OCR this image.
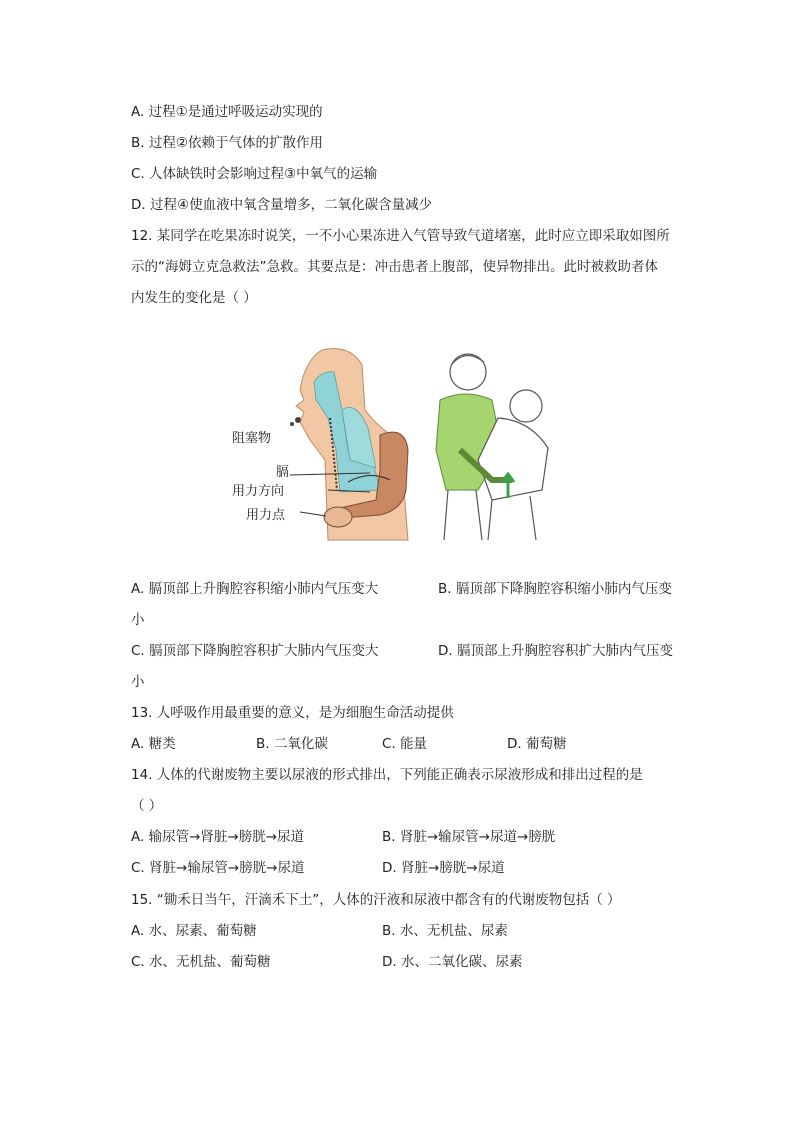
A. 过程①是通过呼吸运动实现的
B. 过程②依赖于气体的扩散作用
C. 人体缺铁时会影响过程③中氧气的运输
D. 过程④使血液中氧含量增多，二氧化碳含量减少
12. 某同学在吃果冻时说笑，一不小心果冻进入气管导致气道堵塞，此时应立即采取如图所
示的“海姆立克急救法”急救。其要点是：冲击患者上腹部，使异物排出。此时被救助者体
内发生的变化是（ ）
阻塞物
膈
用力方向
用力点
A. 膈顶部上升胸腔容积缩小肺内气压变大	B. 膈顶部下降胸腔容积缩小肺内气压变
小
C. 膈顶部下降胸腔容积扩大肺内气压变大	D. 膈顶部上升胸腔容积扩大肺内气压变
小
13. 人呼吸作用最重要的意义，是为细胞生命活动提供
A. 糖类	B. 二氧化碳	C. 能量	D. 葡萄糖
14. 人体的代谢废物主要以尿液的形式排出，下列能正确表示尿液形成和排出过程的是
（ ）
A. 输尿管→肾脏→膀胱→尿道	B. 肾脏→输尿管→尿道→膀胱
C. 肾脏→输尿管→膀胱→尿道	D. 肾脏→膀胱→尿道
15. “锄禾日当午，汗滴禾下土”，人体的汗液和尿液中都含有的代谢废物包括（ ）
A. 水、尿素、葡萄糖	B. 水、无机盐、尿素
C. 水、无机盐、葡萄糖	D. 水、二氧化碳、尿素
